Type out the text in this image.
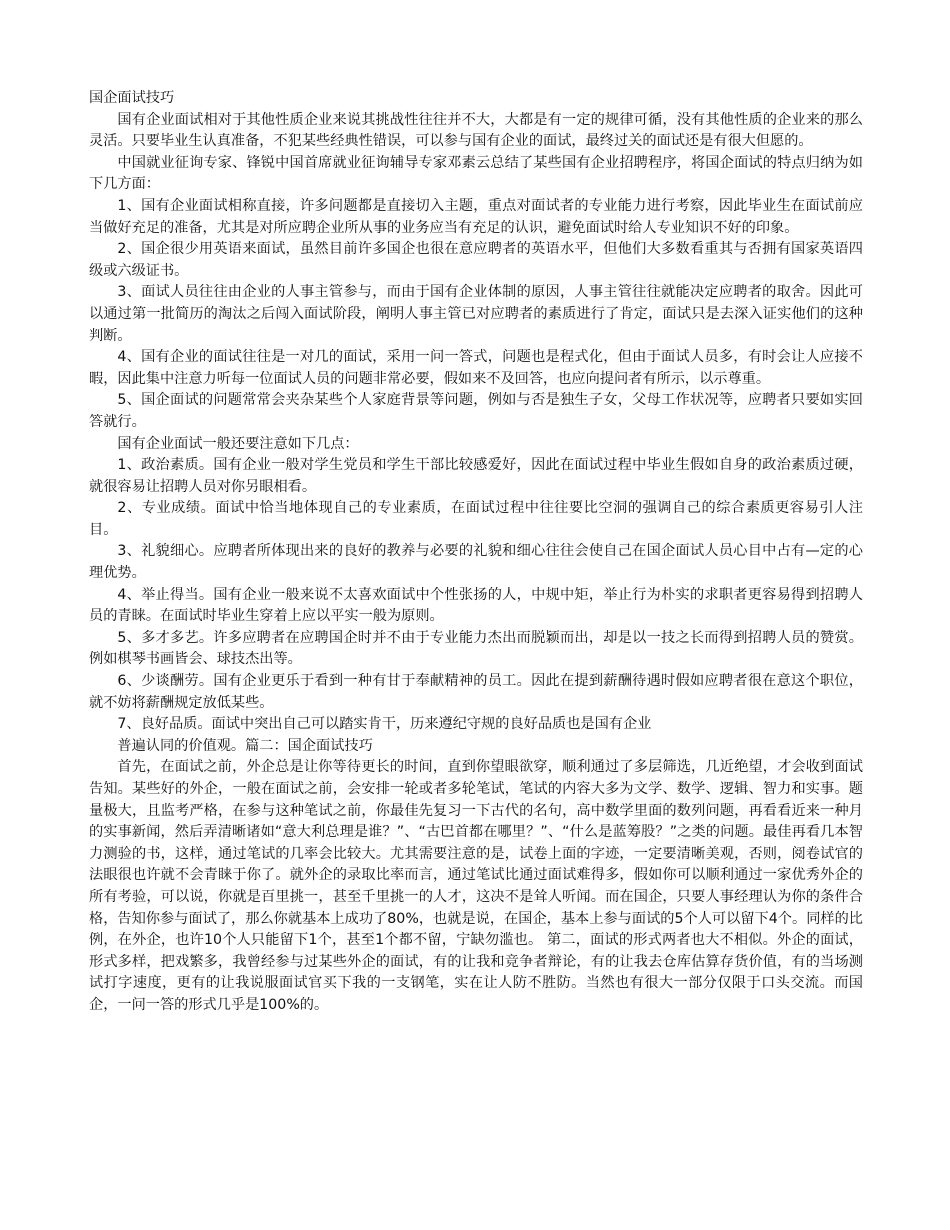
国企面试技巧

国有企业面试相对于其他性质企业来说其挑战性往往并不大，大都是有一定的规律可循，没有其他性质的企业来的那么灵活。只要毕业生认真准备，不犯某些经典性错误，可以参与国有企业的面试，最终过关的面试还是有很大但愿的。

中国就业征询专家、锋锐中国首席就业征询辅导专家邓素云总结了某些国有企业招聘程序，将国企面试的特点归纳为如下几方面：

1、国有企业面试相称直接，许多问题都是直接切入主题，重点对面试者的专业能力进行考察，因此毕业生在面试前应当做好充足的准备，尤其是对所应聘企业所从事的业务应当有充足的认识，避免面试时给人专业知识不好的印象。

2、国企很少用英语来面试，虽然目前许多国企也很在意应聘者的英语水平，但他们大多数看重其与否拥有国家英语四级或六级证书。

3、面试人员往往由企业的人事主管参与，而由于国有企业体制的原因，人事主管往往就能决定应聘者的取舍。因此可以通过第一批简历的淘汰之后闯入面试阶段，阐明人事主管已对应聘者的素质进行了肯定，面试只是去深入证实他们的这种判断。

4、国有企业的面试往往是一对几的面试，采用一问一答式，问题也是程式化，但由于面试人员多，有时会让人应接不暇，因此集中注意力听每一位面试人员的问题非常必要，假如来不及回答，也应向提问者有所示，以示尊重。

5、国企面试的问题常常会夹杂某些个人家庭背景等问题，例如与否是独生子女，父母工作状况等，应聘者只要如实回答就行。

国有企业面试一般还要注意如下几点：

1、政治素质。国有企业一般对学生党员和学生干部比较感爱好，因此在面试过程中毕业生假如自身的政治素质过硬，就很容易让招聘人员对你另眼相看。

2、专业成绩。面试中恰当地体现自己的专业素质，在面试过程中往往要比空洞的强调自己的综合素质更容易引人注目。

3、礼貌细心。应聘者所体现出来的良好的教养与必要的礼貌和细心往往会使自己在国企面试人员心目中占有—定的心理优势。

4、举止得当。国有企业一般来说不太喜欢面试中个性张扬的人，中规中矩，举止行为朴实的求职者更容易得到招聘人员的青睐。在面试时毕业生穿着上应以平实一般为原则。

5、多才多艺。许多应聘者在应聘国企时并不由于专业能力杰出而脱颖而出，却是以一技之长而得到招聘人员的赞赏。例如棋琴书画皆会、球技杰出等。

6、少谈酬劳。国有企业更乐于看到一种有甘于奉献精神的员工。因此在提到薪酬待遇时假如应聘者很在意这个职位，就不妨将薪酬规定放低某些。

7、良好品质。面试中突出自己可以踏实肯干，历来遵纪守规的良好品质也是国有企业

普遍认同的价值观。篇二：国企面试技巧

首先，在面试之前，外企总是让你等待更长的时间，直到你望眼欲穿，顺利通过了多层筛选，几近绝望，才会收到面试告知。某些好的外企，一般在面试之前，会安排一轮或者多轮笔试，笔试的内容大多为文学、数学、逻辑、智力和实事。题量极大，且监考严格，在参与这种笔试之前，你最佳先复习一下古代的名句，高中数学里面的数列问题，再看看近来一种月的实事新闻，然后弄清晰诸如“意大利总理是谁？”、“古巴首都在哪里？”、“什么是蓝筹股？”之类的问题。最佳再看几本智力测验的书，这样，通过笔试的几率会比较大。尤其需要注意的是，试卷上面的字迹，一定要清晰美观，否则，阅卷试官的法眼很也许就不会青睐于你了。就外企的录取比率而言，通过笔试比通过面试难得多，假如你可以顺利通过一家优秀外企的所有考验，可以说，你就是百里挑一，甚至千里挑一的人才，这决不是耸人听闻。而在国企，只要人事经理认为你的条件合格，告知你参与面试了，那么你就基本上成功了80%，也就是说，在国企，基本上参与面试的5个人可以留下4个。同样的比例，在外企，也许10个人只能留下1个，甚至1个都不留，宁缺勿滥也。 第二，面试的形式两者也大不相似。外企的面试，形式多样，把戏繁多，我曾经参与过某些外企的面试，有的让我和竞争者辩论，有的让我去仓库估算存货价值，有的当场测试打字速度，更有的让我说服面试官买下我的一支钢笔，实在让人防不胜防。当然也有很大一部分仅限于口头交流。而国企，一问一答的形式几乎是100%的。
